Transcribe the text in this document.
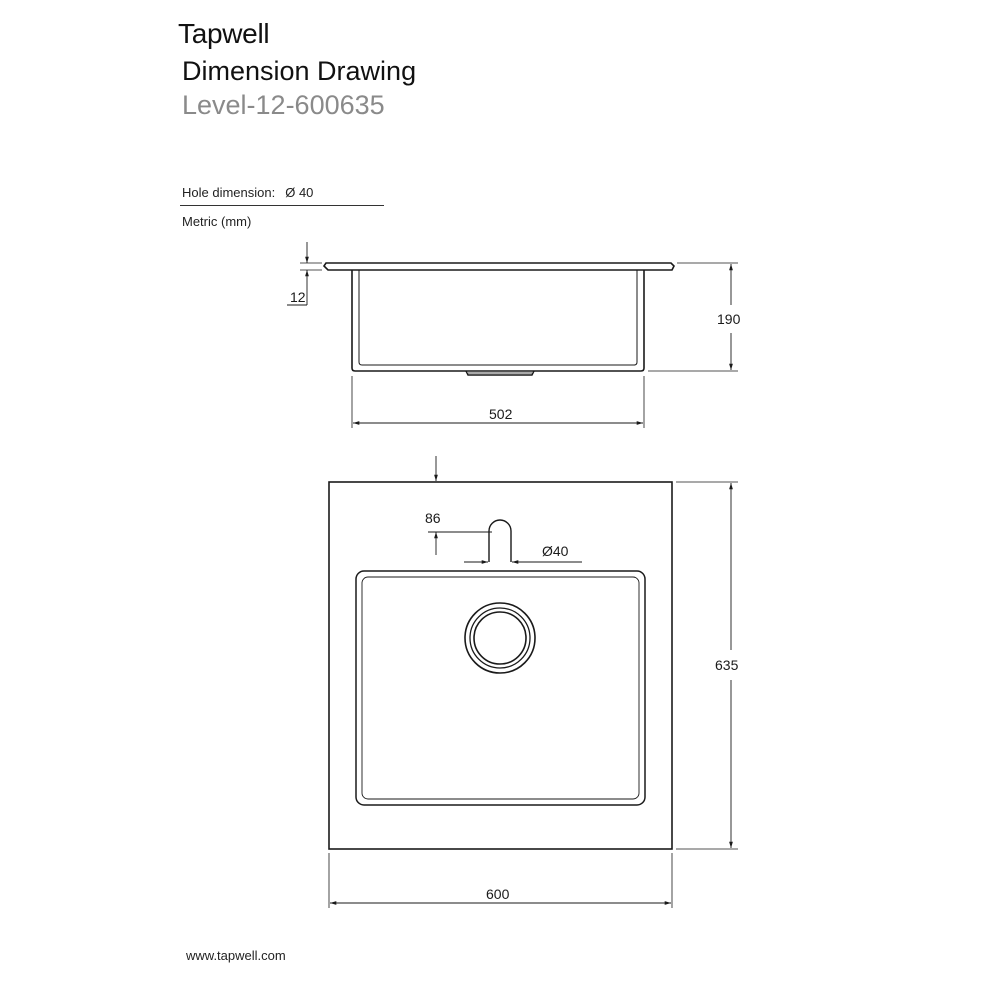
Tapwell
Dimension Drawing
Level-12-600635
Hole dimension: Ø 40
Metric (mm)
12
190
502
86
Ø40
635
600
www.tapwell.com
